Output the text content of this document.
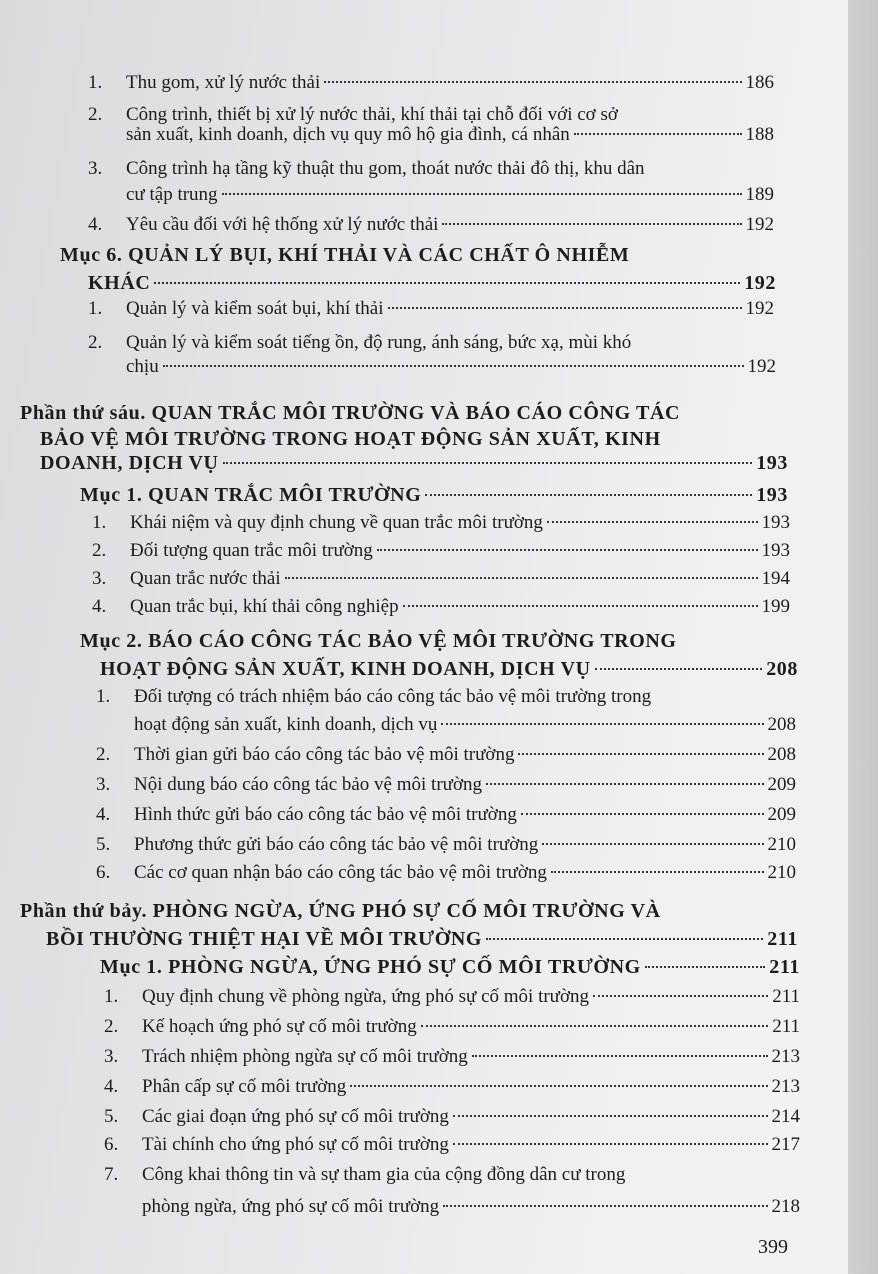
1.	Thu gom, xử lý nước thải	186
2.	Công trình, thiết bị xử lý nước thải, khí thải tại chỗ đối với cơ sở
sản xuất, kinh doanh, dịch vụ quy mô hộ gia đình, cá nhân	188
3.	Công trình hạ tầng kỹ thuật thu gom, thoát nước thải đô thị, khu dân
cư tập trung	189
4.	Yêu cầu đối với hệ thống xử lý nước thải	192
Mục 6. QUẢN LÝ BỤI, KHÍ THẢI VÀ CÁC CHẤT Ô NHIỄM
KHÁC	192
1.	Quản lý và kiểm soát bụi, khí thải	192
2.	Quản lý và kiểm soát tiếng ồn, độ rung, ánh sáng, bức xạ, mùi khó
chịu	192
Phần thứ sáu. QUAN TRẮC MÔI TRƯỜNG VÀ BÁO CÁO CÔNG TÁC
BẢO VỆ MÔI TRƯỜNG TRONG HOẠT ĐỘNG SẢN XUẤT, KINH
DOANH, DỊCH VỤ	193
Mục 1. QUAN TRẮC MÔI TRƯỜNG	193
1.	Khái niệm và quy định chung về quan trắc môi trường	193
2.	Đối tượng quan trắc môi trường	193
3.	Quan trắc nước thải	194
4.	Quan trắc bụi, khí thải công nghiệp	199
Mục 2. BÁO CÁO CÔNG TÁC BẢO VỆ MÔI TRƯỜNG TRONG
HOẠT ĐỘNG SẢN XUẤT, KINH DOANH, DỊCH VỤ	208
1.	Đối tượng có trách nhiệm báo cáo công tác bảo vệ môi trường trong
hoạt động sản xuất, kinh doanh, dịch vụ	208
2.	Thời gian gửi báo cáo công tác bảo vệ môi trường	208
3.	Nội dung báo cáo công tác bảo vệ môi trường	209
4.	Hình thức gửi báo cáo công tác bảo vệ môi trường	209
5.	Phương thức gửi báo cáo công tác bảo vệ môi trường	210
6.	Các cơ quan nhận báo cáo công tác bảo vệ môi trường	210
Phần thứ bảy. PHÒNG NGỪA, ỨNG PHÓ SỰ CỐ MÔI TRƯỜNG VÀ
BỒI THƯỜNG THIỆT HẠI VỀ MÔI TRƯỜNG	211
Mục 1. PHÒNG NGỪA, ỨNG PHÓ SỰ CỐ MÔI TRƯỜNG	211
1.	Quy định chung về phòng ngừa, ứng phó sự cố môi trường	211
2.	Kế hoạch ứng phó sự cố môi trường	211
3.	Trách nhiệm phòng ngừa sự cố môi trường	213
4.	Phân cấp sự cố môi trường	213
5.	Các giai đoạn ứng phó sự cố môi trường	214
6.	Tài chính cho ứng phó sự cố môi trường	217
7.	Công khai thông tin và sự tham gia của cộng đồng dân cư trong
phòng ngừa, ứng phó sự cố môi trường	218
399
